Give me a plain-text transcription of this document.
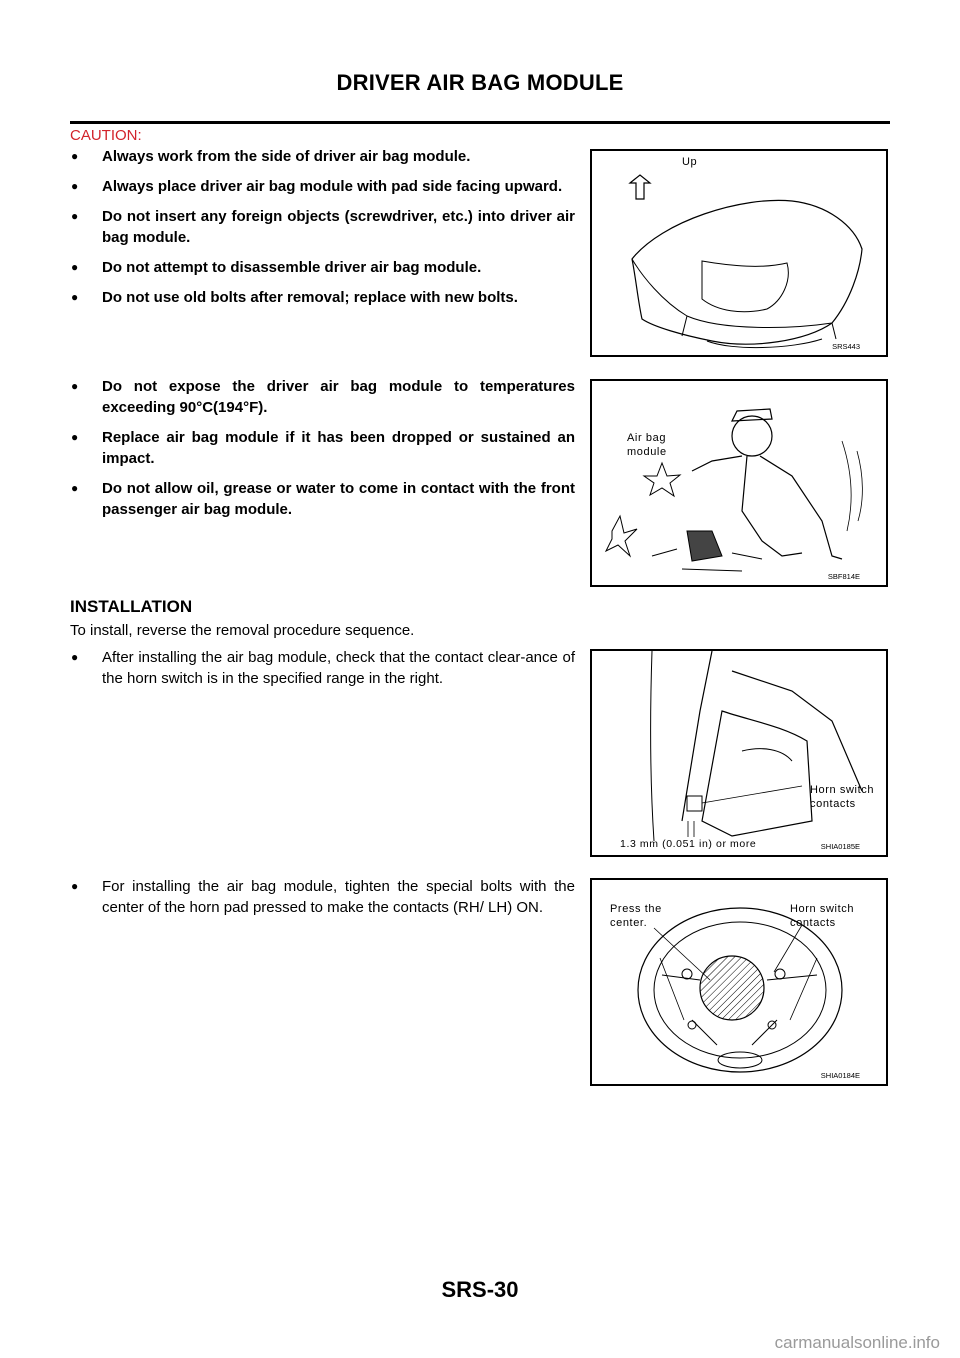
DRIVER AIR BAG MODULE
CAUTION:
● Always work from the side of driver air bag module.
● Always place driver air bag module with pad side facing upward.
● Do not insert any foreign objects (screwdriver, etc.) into driver air bag module.
● Do not attempt to disassemble driver air bag module.
● Do not use old bolts after removal; replace with new bolts.
● Do not expose the driver air bag module to temperatures exceeding 90°C(194°F).
● Replace air bag module if it has been dropped or sustained an impact.
● Do not allow oil, grease or water to come in contact with the front passenger air bag module.
INSTALLATION
To install, reverse the removal procedure sequence.
● After installing the air bag module, check that the contact clear-ance of the horn switch is in the specified range in the right.
● For installing the air bag module, tighten the special bolts with the center of the horn pad pressed to make the contacts (RH/ LH) ON.
Up
SRS443
Air bag module
SBF814E
Horn switch contacts
1.3 mm (0.051 in) or more	SHIA0185E
Press the center.
Horn switch contacts
SHIA0184E
SRS-30
carmanualsonline.info
